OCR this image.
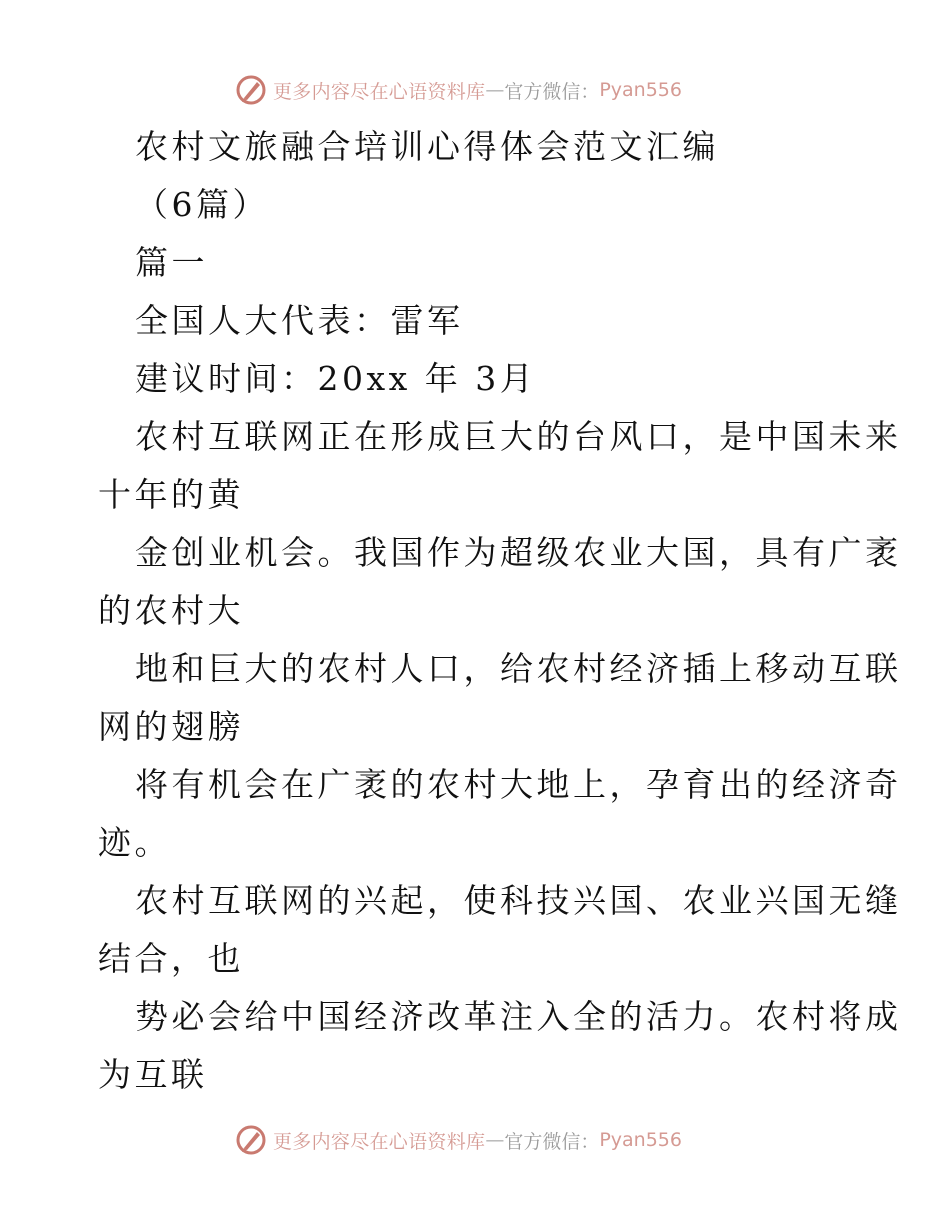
更多内容尽在心语资料库 — 官方微信： Pyan556
农村文旅融合培训心得体会范文汇编
（6篇）
篇一
全国人大代表：雷军
建议时间：20xx 年 3月
农村互联网正在形成巨大的台风口，是中国未来
十年的黄
金创业机会。我国作为超级农业大国，具有广袤
的农村大
地和巨大的农村人口，给农村经济插上移动互联
网的翅膀
将有机会在广袤的农村大地上，孕育出的经济奇
迹。
农村互联网的兴起，使科技兴国、农业兴国无缝
结合，也
势必会给中国经济改革注入全的活力。农村将成
为互联
更多内容尽在心语资料库 — 官方微信： Pyan556
